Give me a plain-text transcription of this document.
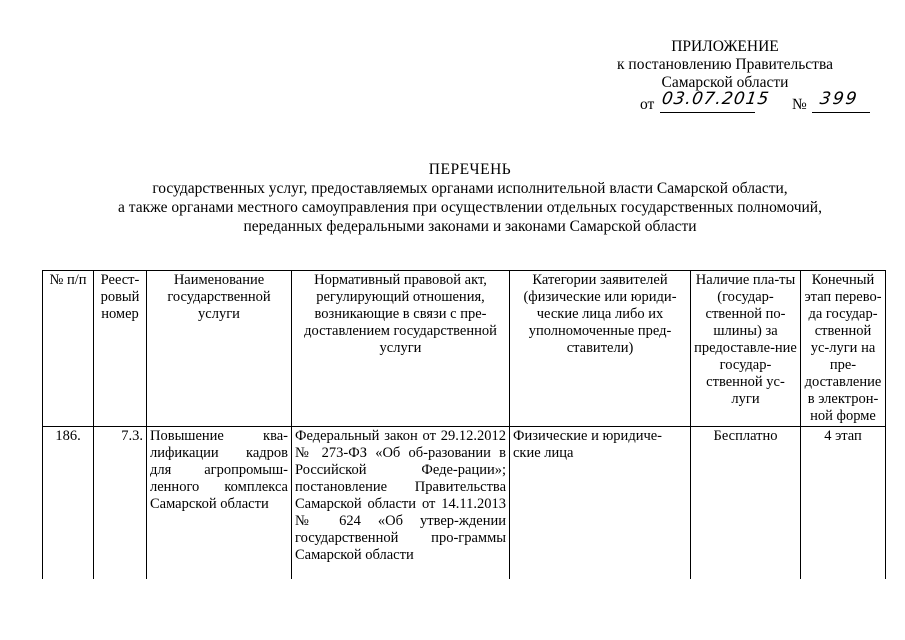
ПРИЛОЖЕНИЕ
к постановлению Правительства
Самарской области
от 03.07.2015 № 399
ПЕРЕЧЕНЬ
государственных услуг, предоставляемых органами исполнительной власти Самарской области,
а также органами местного самоуправления при осуществлении отдельных государственных полномочий,
переданных федеральными законами и законами Самарской области
№ п/п	Реест-ровый номер	Наименование государственной услуги	Нормативный правовой акт, регулирующий отношения, возникающие в связи с пре-доставлением государственной услуги	Категории заявителей (физические или юриди-ческие лица либо их уполномоченные пред-ставители)	Наличие пла-ты (государ-ственной по-шлины) за предоставле-ние государ-ственной ус-луги	Конечный этап перево-да государ-ственной ус-луги на пре-доставление в электрон-ной форме
186.	7.3.	Повышение ква-лификации кадров для агропромыш-ленного комплекса Самарской области	Федеральный закон от 29.12.2012 № 273-ФЗ «Об об-разовании в Российской Феде-рации»; постановление Правительства Самарской области от 14.11.2013 № 624 «Об утвер-ждении государственной про-граммы Самарской области	Физические и юридиче-ские лица	Бесплатно	4 этап
